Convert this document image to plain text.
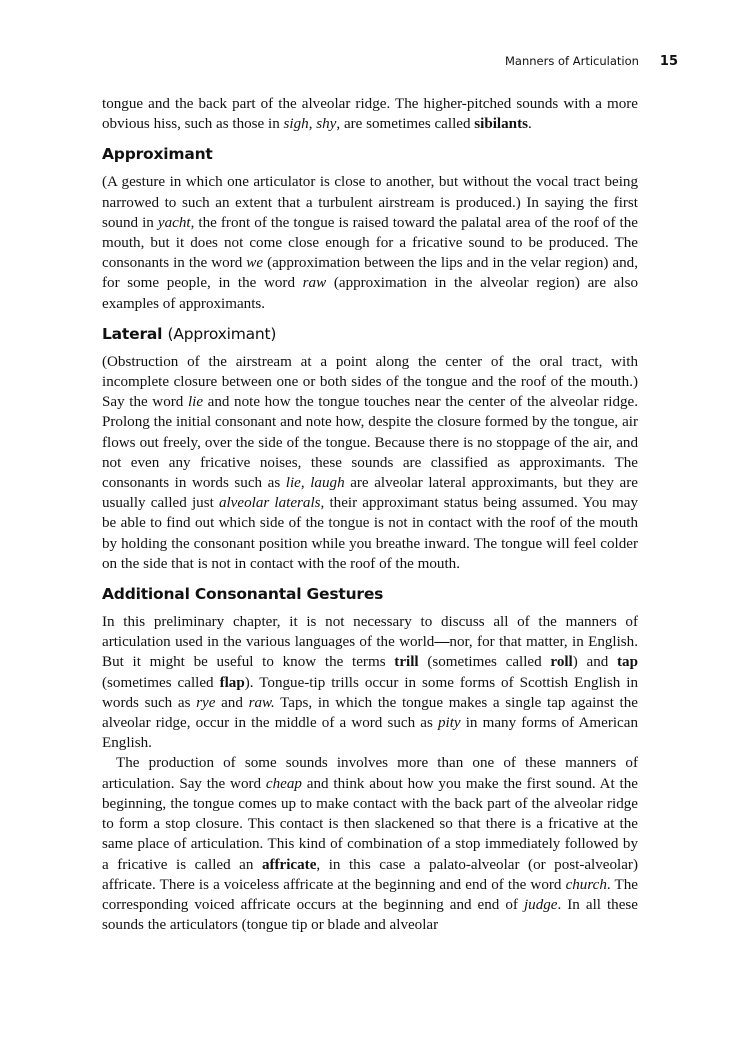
Manners of Articulation 15

tongue and the back part of the alveolar ridge. The higher-pitched sounds with a more obvious hiss, such as those in sigh, shy, are sometimes called sibilants.

Approximant

(A gesture in which one articulator is close to another, but without the vocal tract being narrowed to such an extent that a turbulent airstream is produced.) In saying the first sound in yacht, the front of the tongue is raised toward the palatal area of the roof of the mouth, but it does not come close enough for a fricative sound to be produced. The consonants in the word we (approximation between the lips and in the velar region) and, for some people, in the word raw (approximation in the alveolar region) are also examples of approximants.

Lateral (Approximant)

(Obstruction of the airstream at a point along the center of the oral tract, with incomplete closure between one or both sides of the tongue and the roof of the mouth.) Say the word lie and note how the tongue touches near the center of the alveolar ridge. Prolong the initial consonant and note how, despite the closure formed by the tongue, air flows out freely, over the side of the tongue. Because there is no stoppage of the air, and not even any fricative noises, these sounds are classified as approximants. The consonants in words such as lie, laugh are alveolar lateral approximants, but they are usually called just alveolar laterals, their approximant status being assumed. You may be able to find out which side of the tongue is not in contact with the roof of the mouth by holding the consonant position while you breathe inward. The tongue will feel colder on the side that is not in contact with the roof of the mouth.

Additional Consonantal Gestures

In this preliminary chapter, it is not necessary to discuss all of the manners of articulation used in the various languages of the world—nor, for that matter, in English. But it might be useful to know the terms trill (sometimes called roll) and tap (sometimes called flap). Tongue-tip trills occur in some forms of Scottish English in words such as rye and raw. Taps, in which the tongue makes a single tap against the alveolar ridge, occur in the middle of a word such as pity in many forms of American English.

The production of some sounds involves more than one of these manners of articulation. Say the word cheap and think about how you make the first sound. At the beginning, the tongue comes up to make contact with the back part of the alveolar ridge to form a stop closure. This contact is then slackened so that there is a fricative at the same place of articulation. This kind of combination of a stop immediately followed by a fricative is called an affricate, in this case a palato-alveolar (or post-alveolar) affricate. There is a voiceless affricate at the beginning and end of the word church. The corresponding voiced affricate occurs at the beginning and end of judge. In all these sounds the articulators (tongue tip or blade and alveolar
